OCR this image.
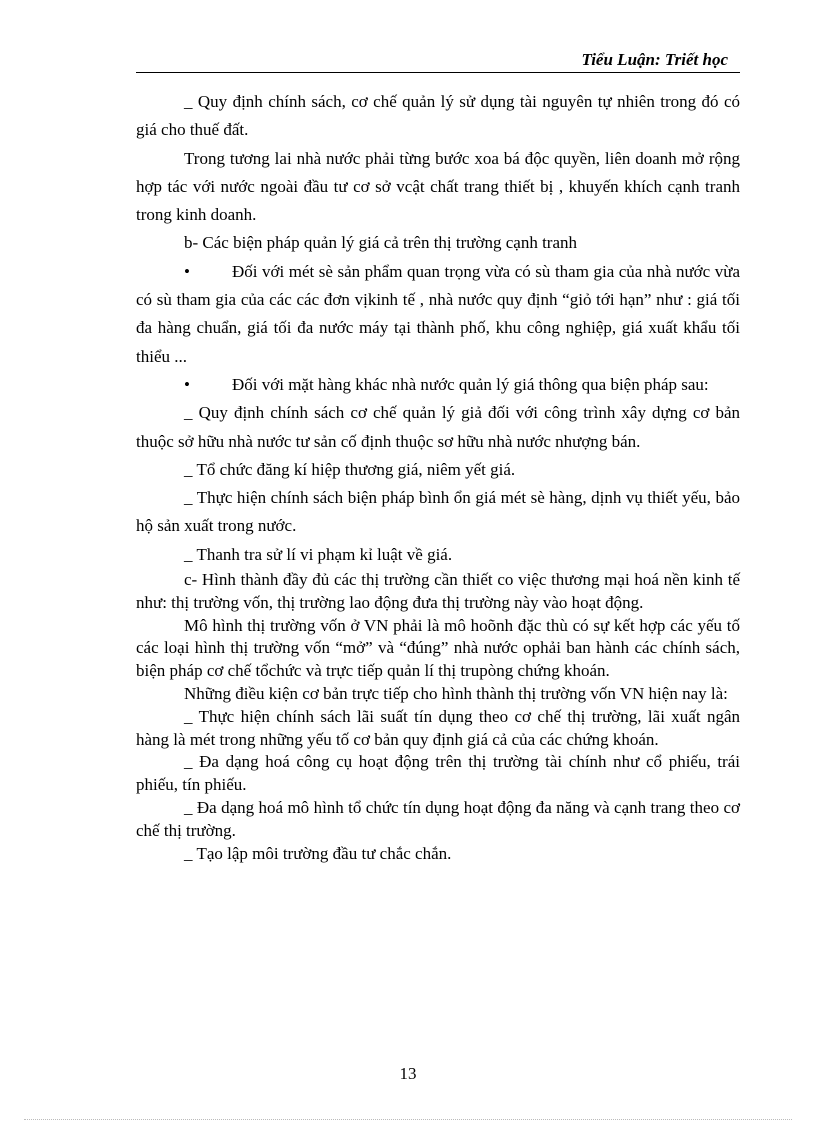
Tiểu Luận: Triết học

_ Quy định chính sách, cơ chế quản lý sử dụng tài nguyên tự nhiên trong đó có giá cho thuế đất.

Trong tương lai nhà nước phải từng bước xoa bá độc quyền, liên doanh mở rộng hợp tác với nước ngoài đầu tư cơ sở vcật chất trang thiết bị , khuyến khích cạnh tranh trong kinh doanh.

b- Các biện pháp quản lý giá cả trên thị trường cạnh tranh

• Đối với mét sè sản phẩm quan trọng vừa có sù tham gia của nhà nước vừa có sù tham gia của các các đơn vịkinh tế , nhà nước quy định “giỏ tới hạn” như : giá tối đa hàng chuẩn, giá tối đa nước máy tại thành phố, khu công nghiệp, giá xuất khẩu tối thiểu ...

• Đối với mặt hàng khác nhà nước quản lý giá thông qua biện pháp sau:

_ Quy định chính sách cơ chế quản lý giả đối với công trình xây dựng cơ bản thuộc sở hữu nhà nước tư sản cố định thuộc sơ hữu nhà nước nhượng bán.

_ Tổ chức đăng kí hiệp thương giá, niêm yết giá.

_ Thực hiện chính sách biện pháp bình ổn giá mét sè hàng, dịnh vụ thiết yếu, bảo hộ sản xuất trong nước.

_ Thanh tra sử lí vi phạm kỉ luật về giá.

c- Hình thành đầy đủ các thị trường cần thiết co việc thương mại hoá nền kinh tế như: thị trường vốn, thị trường lao động đưa thị trường này vào hoạt động.

Mô hình thị trường vốn ở VN phải là mô hoõnh đặc thù có sự kết hợp các yếu tố các loại hình thị trường vốn “mở” và “đúng” nhà nước ophải ban hành các chính sách, biện pháp cơ chế tổchức và trực tiếp quản lí thị trupòng chứng khoán.

Những điều kiện cơ bản trực tiếp cho hình thành thị trường vốn VN hiện nay là:

_ Thực hiện chính sách lãi suất tín dụng theo cơ chế thị trường, lãi xuất ngân hàng là mét trong những yếu tố cơ bản quy định giá cả của các chứng khoán.

_ Đa dạng hoá công cụ hoạt động trên thị trường tài chính như cổ phiếu, trái phiếu, tín phiếu.

_ Đa dạng hoá mô hình tổ chức tín dụng hoạt động đa năng và cạnh trang theo cơ chế thị trường.

_ Tạo lập môi trường đầu tư chắc chắn.

13
